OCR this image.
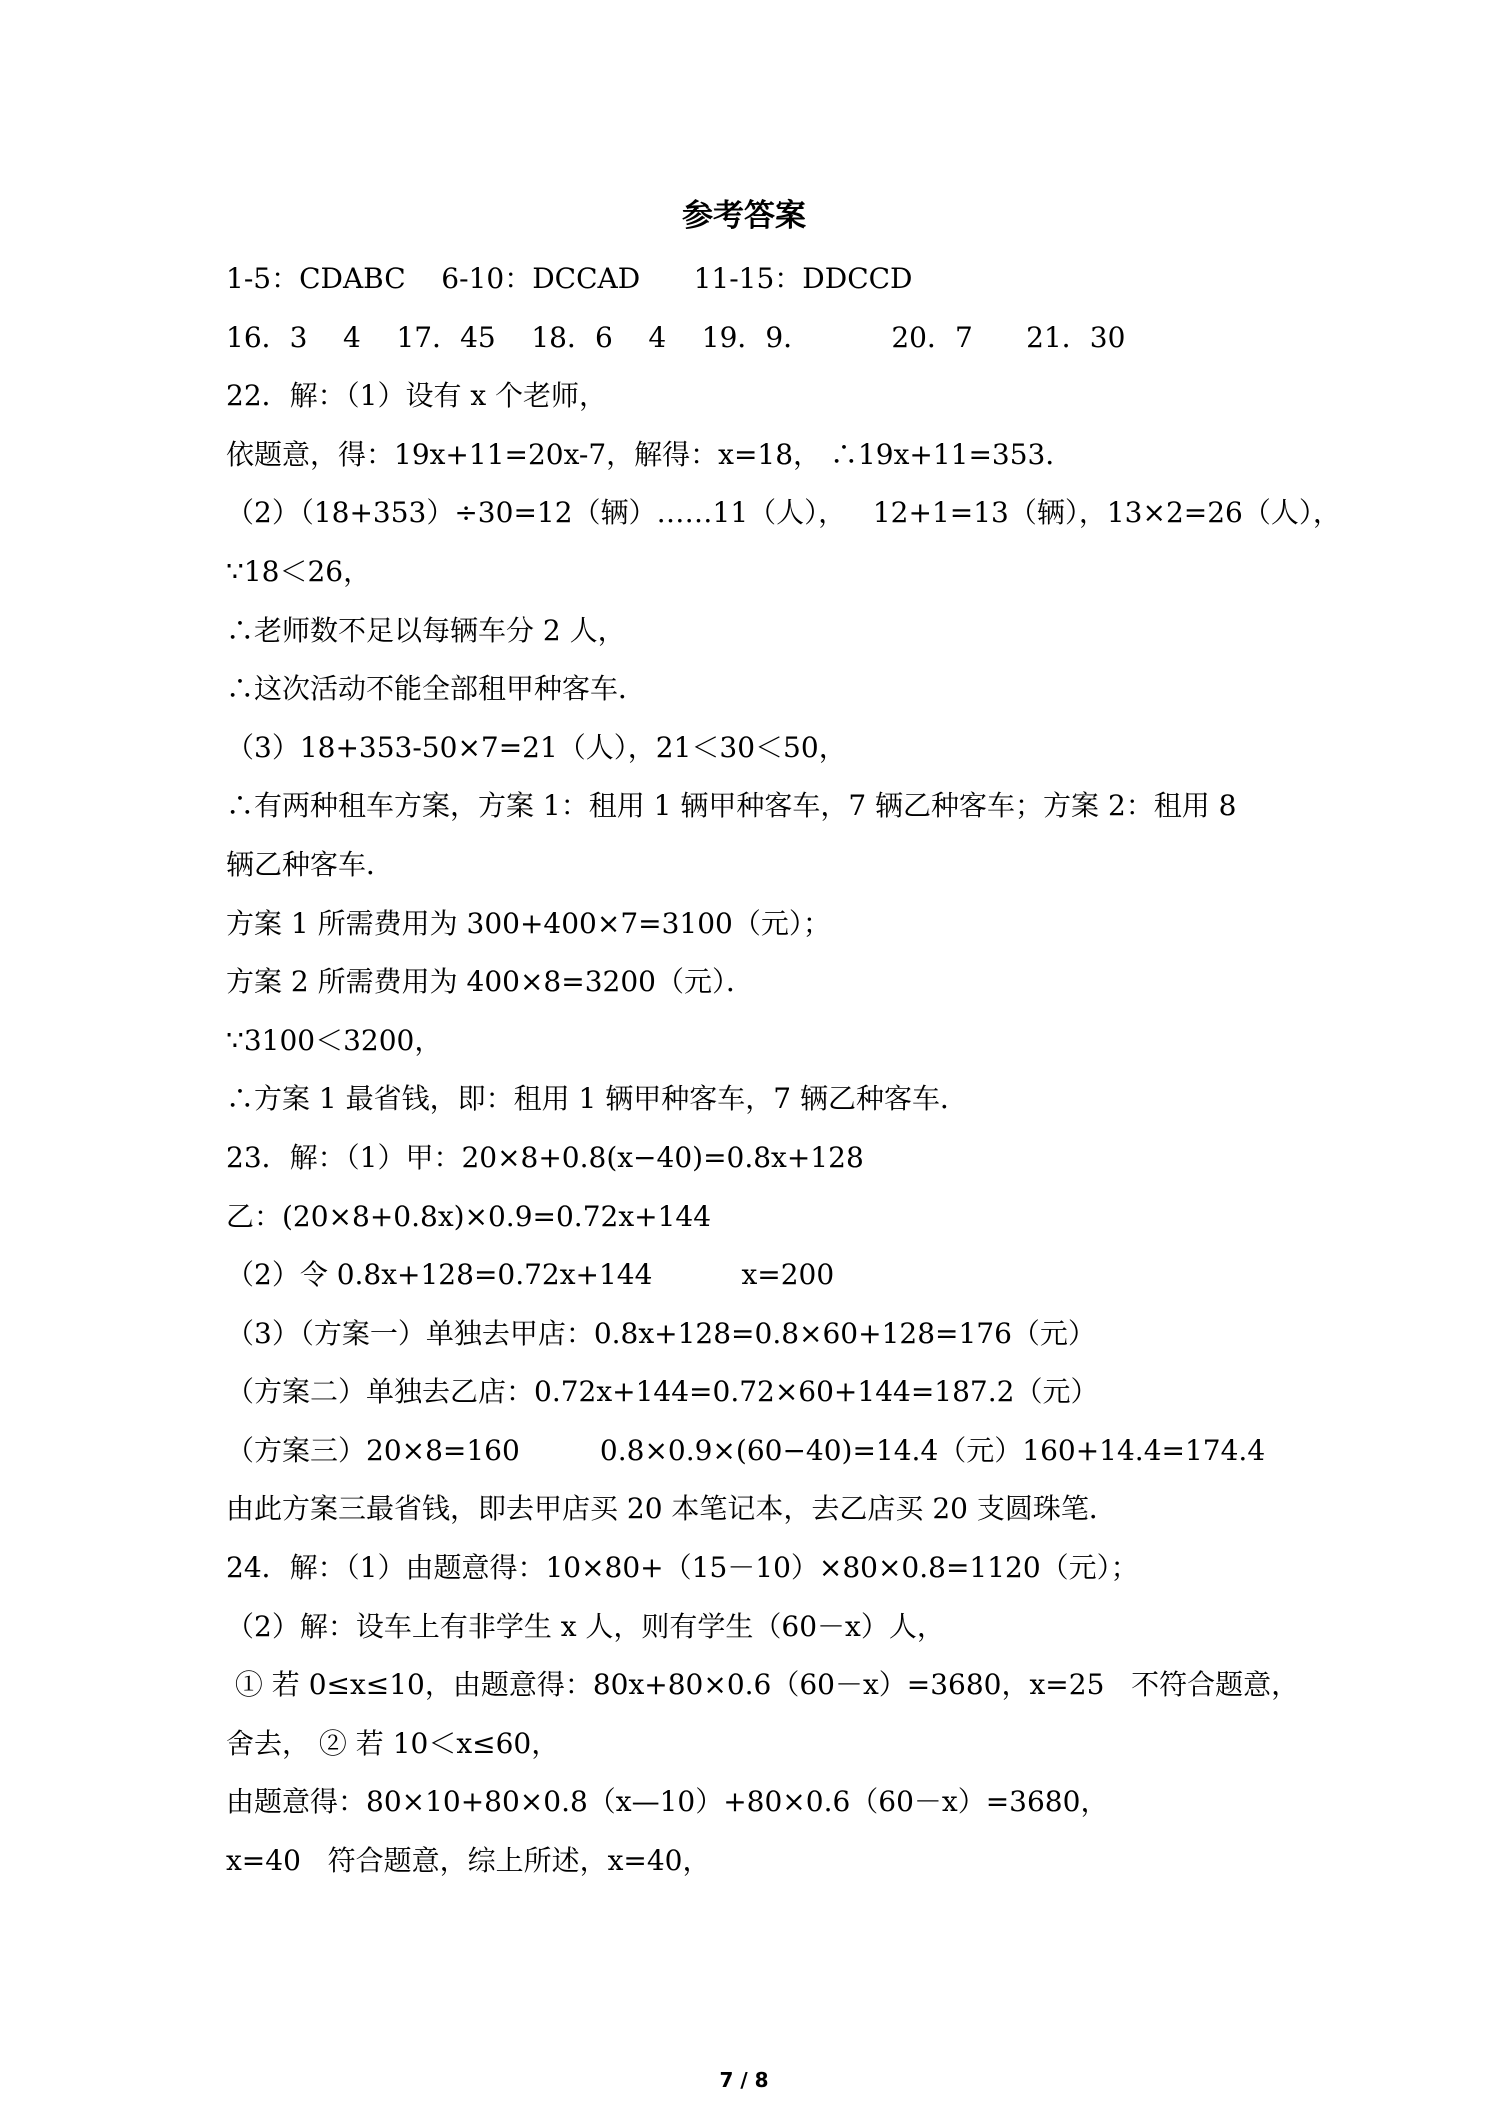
参考答案
1-5：CDABC    6-10：DCCAD      11-15：DDCCD
16．3    4    17．45    18．6    4    19．9．         20．7      21．30
22．解：（1）设有 x 个老师，
依题意，得：19x+11=20x-7，解得：x=18， ∴19x+11=353．
（2）（18+353）÷30=12（辆）……11（人），   12+1=13（辆），13×2=26（人），
∵18＜26，
∴老师数不足以每辆车分 2 人，
∴这次活动不能全部租甲种客车．
（3）18+353-50×7=21（人），21＜30＜50，
∴有两种租车方案，方案 1：租用 1 辆甲种客车，7 辆乙种客车；方案 2：租用 8
辆乙种客车．
方案 1 所需费用为 300+400×7=3100（元）；
方案 2 所需费用为 400×8=3200（元）．
∵3100＜3200，
∴方案 1 最省钱，即：租用 1 辆甲种客车，7 辆乙种客车．
23．解：（1）甲：20×8+0.8(x−40)=0.8x+128
乙：(20×8+0.8x)×0.9=0.72x+144
（2）令 0.8x+128=0.72x+144          x=200
（3）（方案一）单独去甲店：0.8x+128=0.8×60+128=176（元）
（方案二）单独去乙店：0.72x+144=0.72×60+144=187.2（元）
（方案三）20×8=160         0.8×0.9×(60−40)=14.4（元）160+14.4=174.4
由此方案三最省钱，即去甲店买 20 本笔记本，去乙店买 20 支圆珠笔．
24．解：（1）由题意得：10×80+（15－10）×80×0.8=1120（元）；
（2）解：设车上有非学生 x 人，则有学生（60－x）人，
① 若 0≤x≤10，由题意得：80x+80×0.6（60－x）=3680，x=25   不符合题意，
舍去， ② 若 10＜x≤60，
由题意得：80×10+80×0.8（x—10）+80×0.6（60－x）=3680，
x=40   符合题意，综上所述，x=40，
7 / 8
